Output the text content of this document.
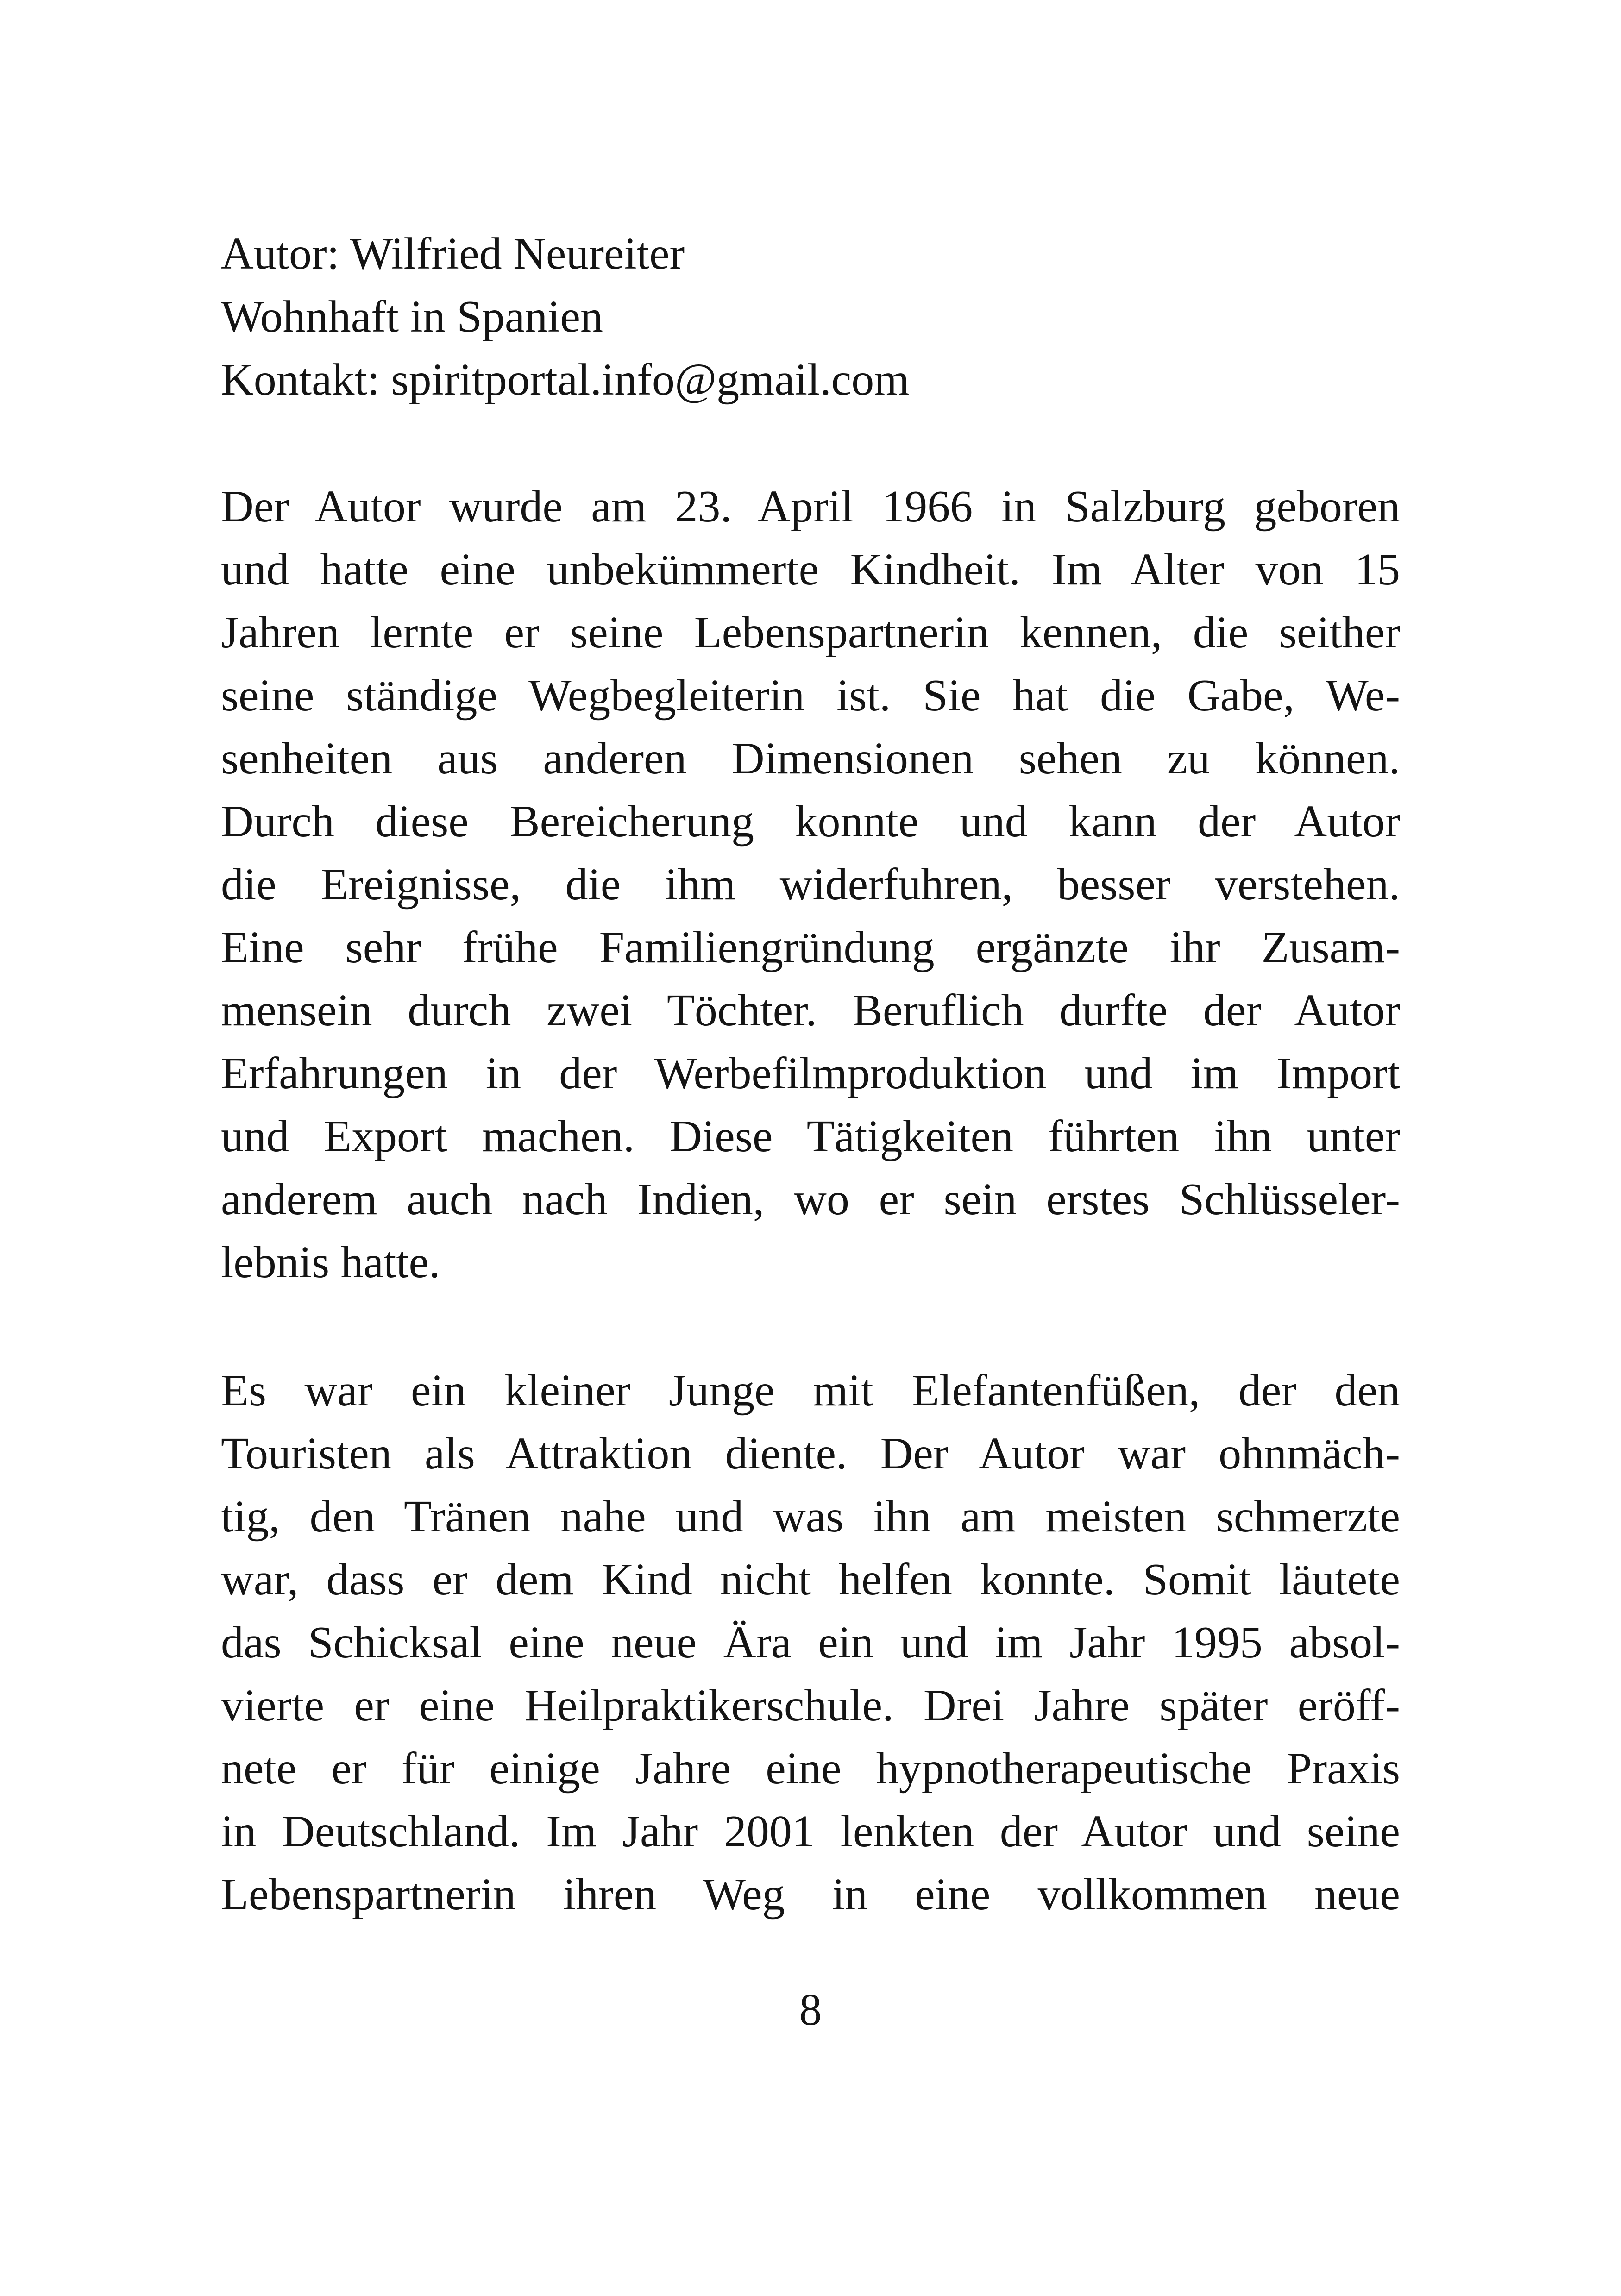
Autor: Wilfried Neureiter
Wohnhaft in Spanien
Kontakt: spiritportal.info@gmail.com
Der Autor wurde am 23. April 1966 in Salzburg geboren
und hatte eine unbekümmerte Kindheit. Im Alter von 15
Jahren lernte er seine Lebenspartnerin kennen, die seither
seine ständige Wegbegleiterin ist. Sie hat die Gabe, We-
senheiten aus anderen Dimensionen sehen zu können.
Durch diese Bereicherung konnte und kann der Autor
die Ereignisse, die ihm widerfuhren, besser verstehen.
Eine sehr frühe Familiengründung ergänzte ihr Zusam-
mensein durch zwei Töchter. Beruflich durfte der Autor
Erfahrungen in der Werbefilmproduktion und im Import
und Export machen. Diese Tätigkeiten führten ihn unter
anderem auch nach Indien, wo er sein erstes Schlüsseler-
lebnis hatte.
Es war ein kleiner Junge mit Elefantenfüßen, der den
Touristen als Attraktion diente. Der Autor war ohnmäch-
tig, den Tränen nahe und was ihn am meisten schmerzte
war, dass er dem Kind nicht helfen konnte. Somit läutete
das Schicksal eine neue Ära ein und im Jahr 1995 absol-
vierte er eine Heilpraktikerschule. Drei Jahre später eröff-
nete er für einige Jahre eine hypnotherapeutische Praxis
in Deutschland. Im Jahr 2001 lenkten der Autor und seine
Lebenspartnerin ihren Weg in eine vollkommen neue
8
